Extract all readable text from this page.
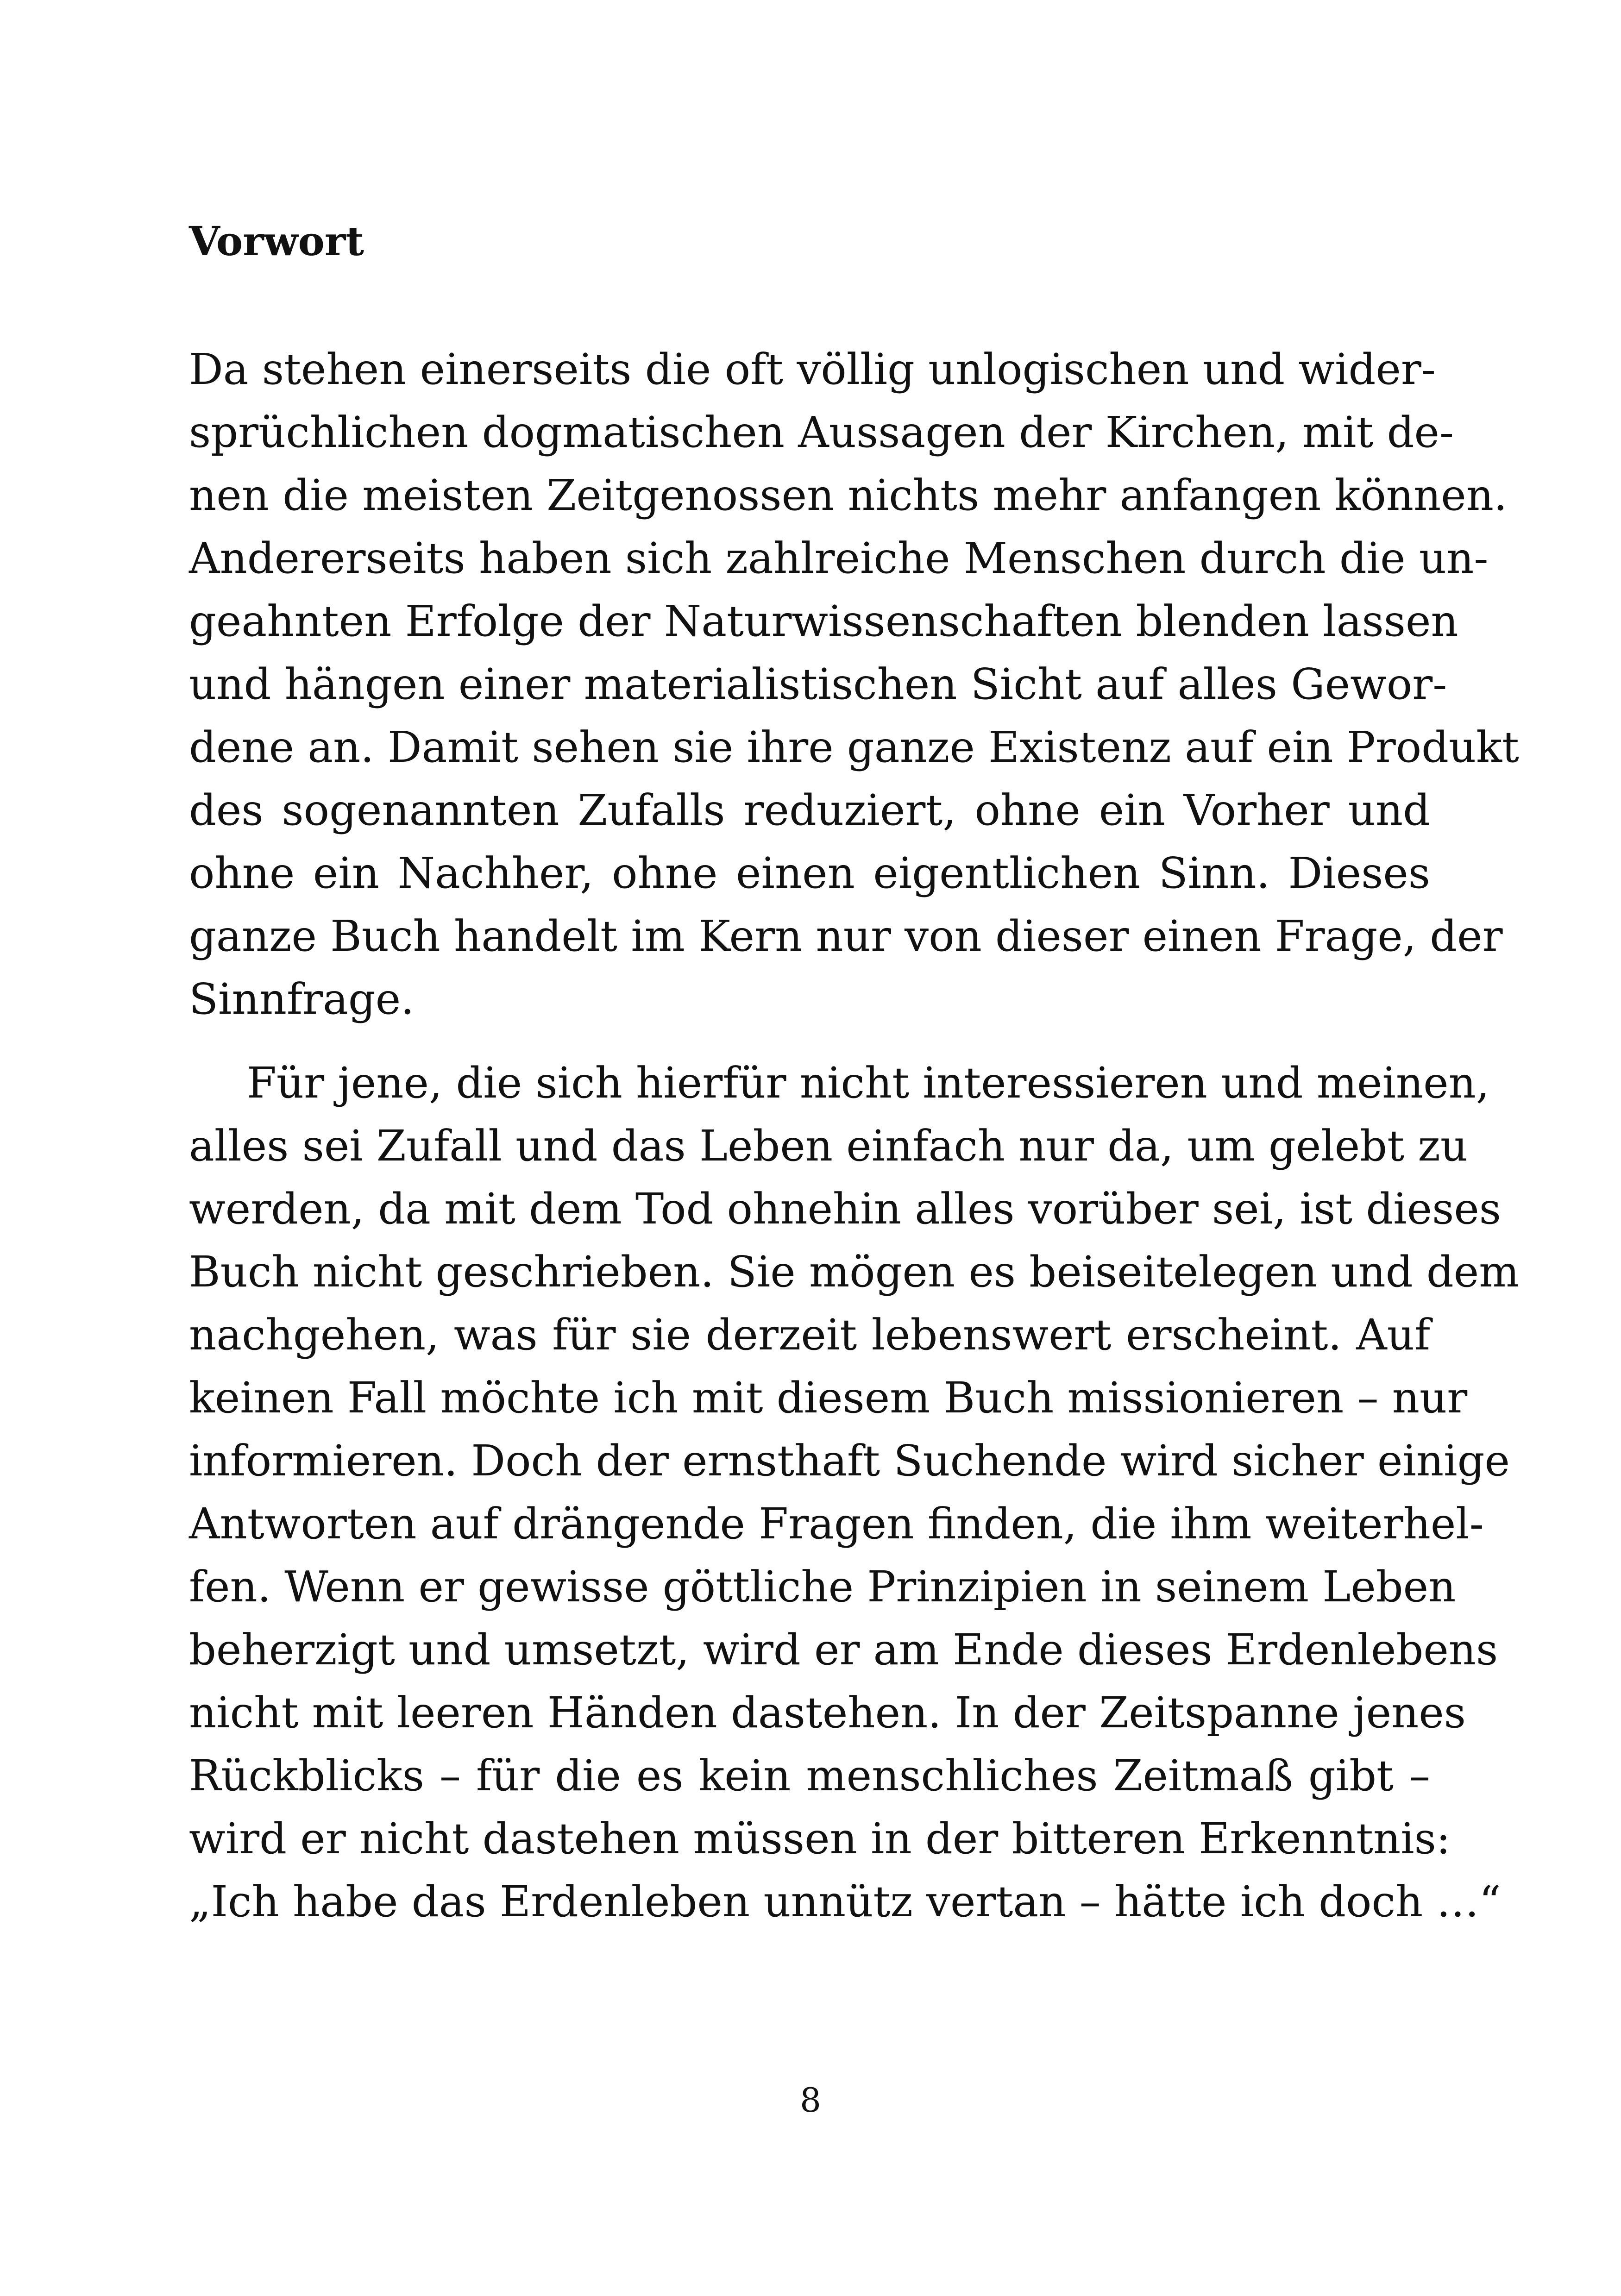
Vorwort

Da stehen einerseits die oft völlig unlogischen und wider-
sprüchlichen dogmatischen Aussagen der Kirchen, mit de-
nen die meisten Zeitgenossen nichts mehr anfangen können.
Andererseits haben sich zahlreiche Menschen durch die un-
geahnten Erfolge der Naturwissenschaften blenden lassen
und hängen einer materialistischen Sicht auf alles Gewor-
dene an. Damit sehen sie ihre ganze Existenz auf ein Produkt
des sogenannten Zufalls reduziert, ohne ein Vorher und
ohne ein Nachher, ohne einen eigentlichen Sinn. Dieses
ganze Buch handelt im Kern nur von dieser einen Frage, der
Sinnfrage.

Für jene, die sich hierfür nicht interessieren und meinen,
alles sei Zufall und das Leben einfach nur da, um gelebt zu
werden, da mit dem Tod ohnehin alles vorüber sei, ist dieses
Buch nicht geschrieben. Sie mögen es beiseitelegen und dem
nachgehen, was für sie derzeit lebenswert erscheint. Auf
keinen Fall möchte ich mit diesem Buch missionieren – nur
informieren. Doch der ernsthaft Suchende wird sicher einige
Antworten auf drängende Fragen finden, die ihm weiterhel-
fen. Wenn er gewisse göttliche Prinzipien in seinem Leben
beherzigt und umsetzt, wird er am Ende dieses Erdenlebens
nicht mit leeren Händen dastehen. In der Zeitspanne jenes
Rückblicks – für die es kein menschliches Zeitmaß gibt –
wird er nicht dastehen müssen in der bitteren Erkenntnis:
„Ich habe das Erdenleben unnütz vertan – hätte ich doch …“

8
